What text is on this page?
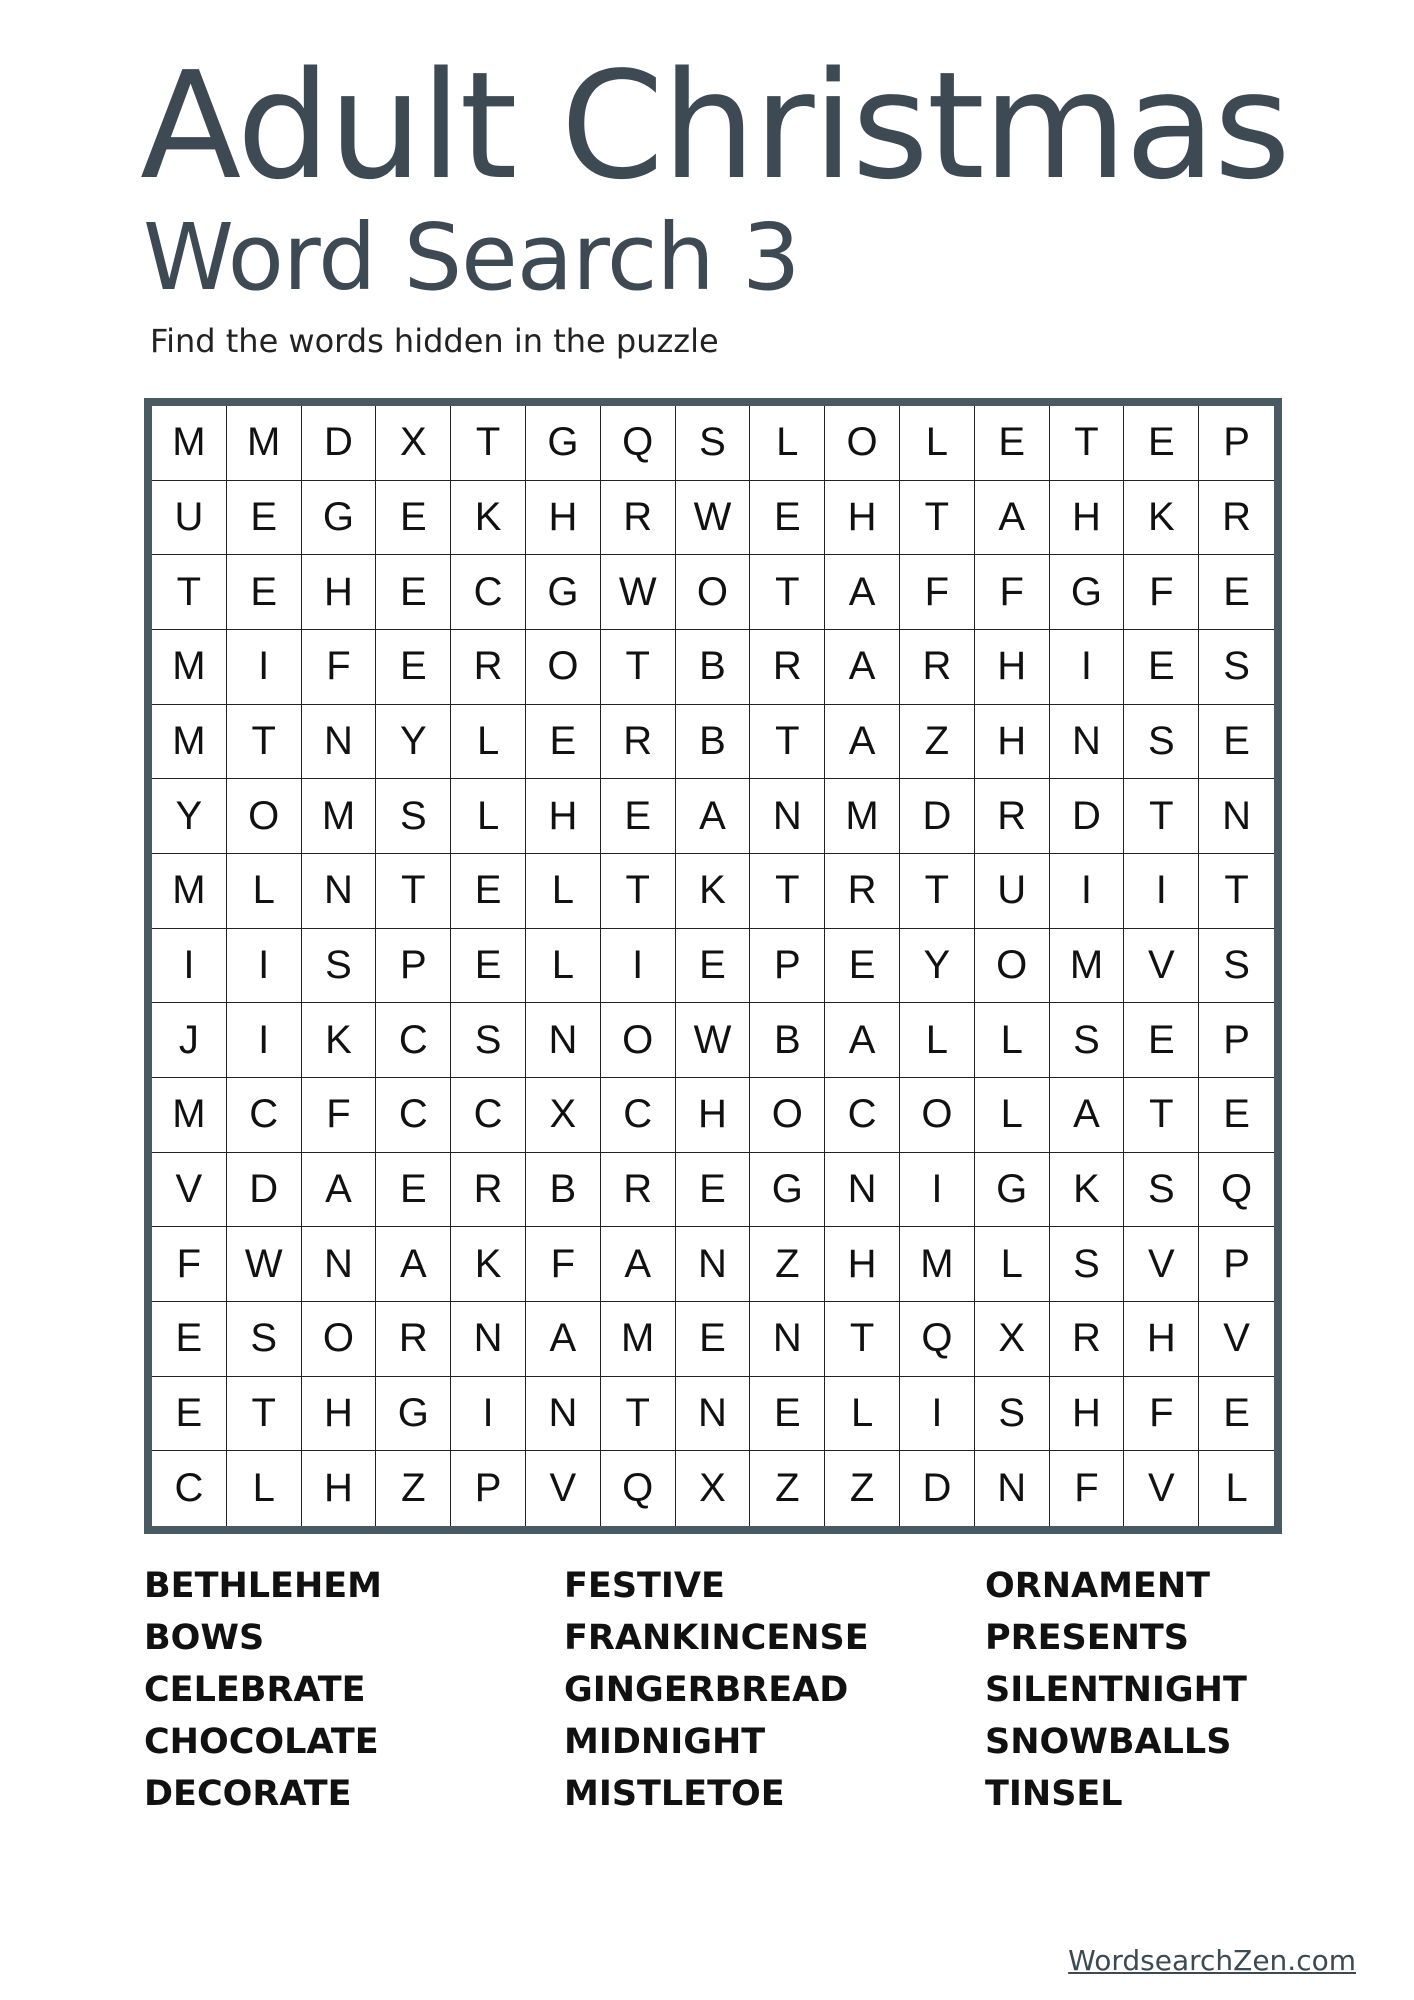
Adult Christmas
Word Search 3
Find the words hidden in the puzzle
M	M	D	X	T	G	Q	S	L	O	L	E	T	E	P
U	E	G	E	K	H	R	W	E	H	T	A	H	K	R
T	E	H	E	C	G	W	O	T	A	F	F	G	F	E
M	I	F	E	R	O	T	B	R	A	R	H	I	E	S
M	T	N	Y	L	E	R	B	T	A	Z	H	N	S	E
Y	O	M	S	L	H	E	A	N	M	D	R	D	T	N
M	L	N	T	E	L	T	K	T	R	T	U	I	I	T
I	I	S	P	E	L	I	E	P	E	Y	O	M	V	S
J	I	K	C	S	N	O	W	B	A	L	L	S	E	P
M	C	F	C	C	X	C	H	O	C	O	L	A	T	E
V	D	A	E	R	B	R	E	G	N	I	G	K	S	Q
F	W	N	A	K	F	A	N	Z	H	M	L	S	V	P
E	S	O	R	N	A	M	E	N	T	Q	X	R	H	V
E	T	H	G	I	N	T	N	E	L	I	S	H	F	E
C	L	H	Z	P	V	Q	X	Z	Z	D	N	F	V	L
BETHLEHEM
BOWS
CELEBRATE
CHOCOLATE
DECORATE
FESTIVE
FRANKINCENSE
GINGERBREAD
MIDNIGHT
MISTLETOE
ORNAMENT
PRESENTS
SILENTNIGHT
SNOWBALLS
TINSEL
WordsearchZen.com
